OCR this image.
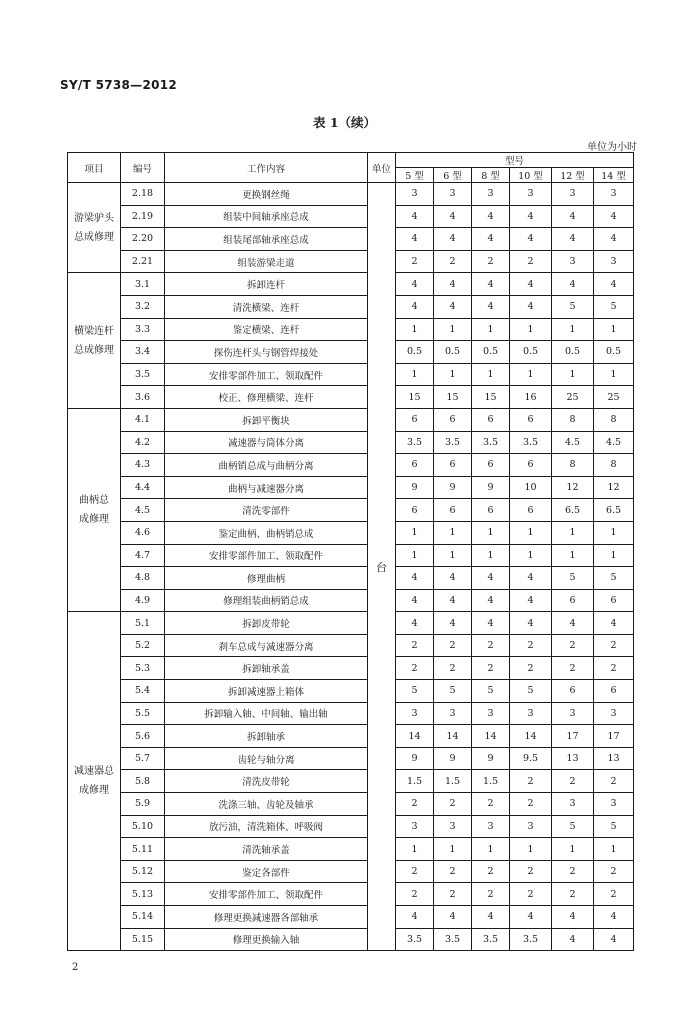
SY/T 5738—2012
表 1（续）
单位为小时
项目	编号	工作内容	单位	型号					
				5 型	6 型	8 型	10 型	12 型	14 型

游梁驴头
总成修理	2.18	更换钢丝绳	台	3	3	3	3	3	3
	2.19	组装中间轴承座总成		4	4	4	4	4	4
	2.20	组装尾部轴承座总成		4	4	4	4	4	4
	2.21	组装游梁走道		2	2	2	2	3	3

横梁连杆
总成修理	3.1	拆卸连杆		4	4	4	4	4	4
	3.2	清洗横梁、连杆		4	4	4	4	5	5
	3.3	鉴定横梁、连杆		1	1	1	1	1	1
	3.4	探伤连杆头与钢管焊接处		0.5	0.5	0.5	0.5	0.5	0.5
	3.5	安排零部件加工、领取配件		1	1	1	1	1	1
	3.6	校正、修理横梁、连杆		15	15	15	16	25	25

曲柄总
成修理	4.1	拆卸平衡块		6	6	6	6	8	8
	4.2	减速器与筒体分离		3.5	3.5	3.5	3.5	4.5	4.5
	4.3	曲柄销总成与曲柄分离		6	6	6	6	8	8
	4.4	曲柄与减速器分离		9	9	9	10	12	12
	4.5	清洗零部件		6	6	6	6	6.5	6.5
	4.6	鉴定曲柄、曲柄销总成		1	1	1	1	1	1
	4.7	安排零部件加工、领取配件		1	1	1	1	1	1
	4.8	修理曲柄		4	4	4	4	5	5
	4.9	修理组装曲柄销总成		4	4	4	4	6	6

减速器总
成修理	5.1	拆卸皮带轮		4	4	4	4	4	4
	5.2	刹车总成与减速器分离		2	2	2	2	2	2
	5.3	拆卸轴承盖		2	2	2	2	2	2
	5.4	拆卸减速器上箱体		5	5	5	5	6	6
	5.5	拆卸输入轴、中间轴、输出轴		3	3	3	3	3	3
	5.6	拆卸轴承		14	14	14	14	17	17
	5.7	齿轮与轴分离		9	9	9	9.5	13	13
	5.8	清洗皮带轮		1.5	1.5	1.5	2	2	2
	5.9	洗涤三轴、齿轮及轴承		2	2	2	2	3	3
	5.10	放污油，清洗箱体、呼吸阀		3	3	3	3	5	5
	5.11	清洗轴承盖		1	1	1	1	1	1
	5.12	鉴定各部件		2	2	2	2	2	2
	5.13	安排零部件加工、领取配件		2	2	2	2	2	2
	5.14	修理更换减速器各部轴承		4	4	4	4	4	4
	5.15	修理更换输入轴		3.5	3.5	3.5	3.5	4	4
2
